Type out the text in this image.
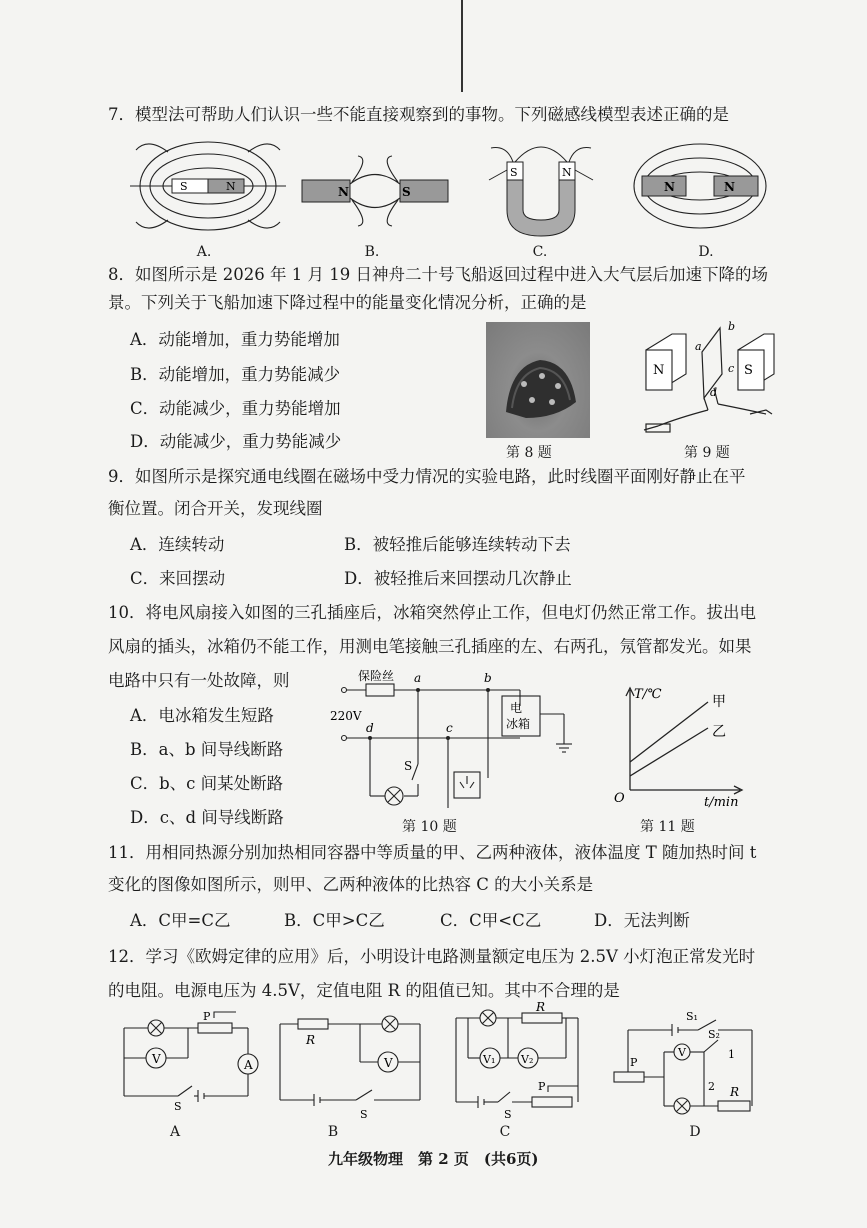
7．模型法可帮助人们认识一些不能直接观察到的事物。下列磁感线模型表述正确的是
S	N
A.
N	S
B.
S	N
C.
N	N
D.
8．如图所示是 2026 年 1 月 19 日神舟二十号飞船返回过程中进入大气层后加速下降的场
景。下列关于飞船加速下降过程中的能量变化情况分析，正确的是
A．动能增加，重力势能增加
B．动能增加，重力势能减少
C．动能减少，重力势能增加
D．动能减少，重力势能减少
第 8 题
N	S
a
b
c
d
第 9 题
9．如图所示是探究通电线圈在磁场中受力情况的实验电路，此时线圈平面刚好静止在平
衡位置。闭合开关，发现线圈
A．连续转动	B．被轻推后能够连续转动下去
C．来回摆动	D．被轻推后来回摆动几次静止
10．将电风扇接入如图的三孔插座后，冰箱突然停止工作，但电灯仍然正常工作。拔出电
风扇的插头，冰箱仍不能工作，用测电笔接触三孔插座的左、右两孔，氖管都发光。如果
电路中只有一处故障，则
A．电冰箱发生短路
B．a、b 间导线断路
C．b、c 间某处断路
D．c、d 间导线断路
保险丝
220V
a	b
c
d
电
冰箱
S
第 10 题
T/℃
t/min
O
甲
乙
第 11 题
11．用相同热源分别加热相同容器中等质量的甲、乙两种液体，液体温度 T 随加热时间 t
变化的图像如图所示，则甲、乙两种液体的比热容 C 的大小关系是
A．C甲=C乙	B．C甲>C乙	C．C甲<C乙	D．无法判断
12．学习《欧姆定律的应用》后，小明设计电路测量额定电压为 2.5V 小灯泡正常发光时
的电阻。电源电压为 4.5V，定值电阻 R 的阻值已知。其中不合理的是
P
V	A
S
A
R
V
S
B
R
V₁ V₂
P
S
C
S₁
S₂
1
2
P
V
R
D
九年级物理　第 2 页　(共6页)
